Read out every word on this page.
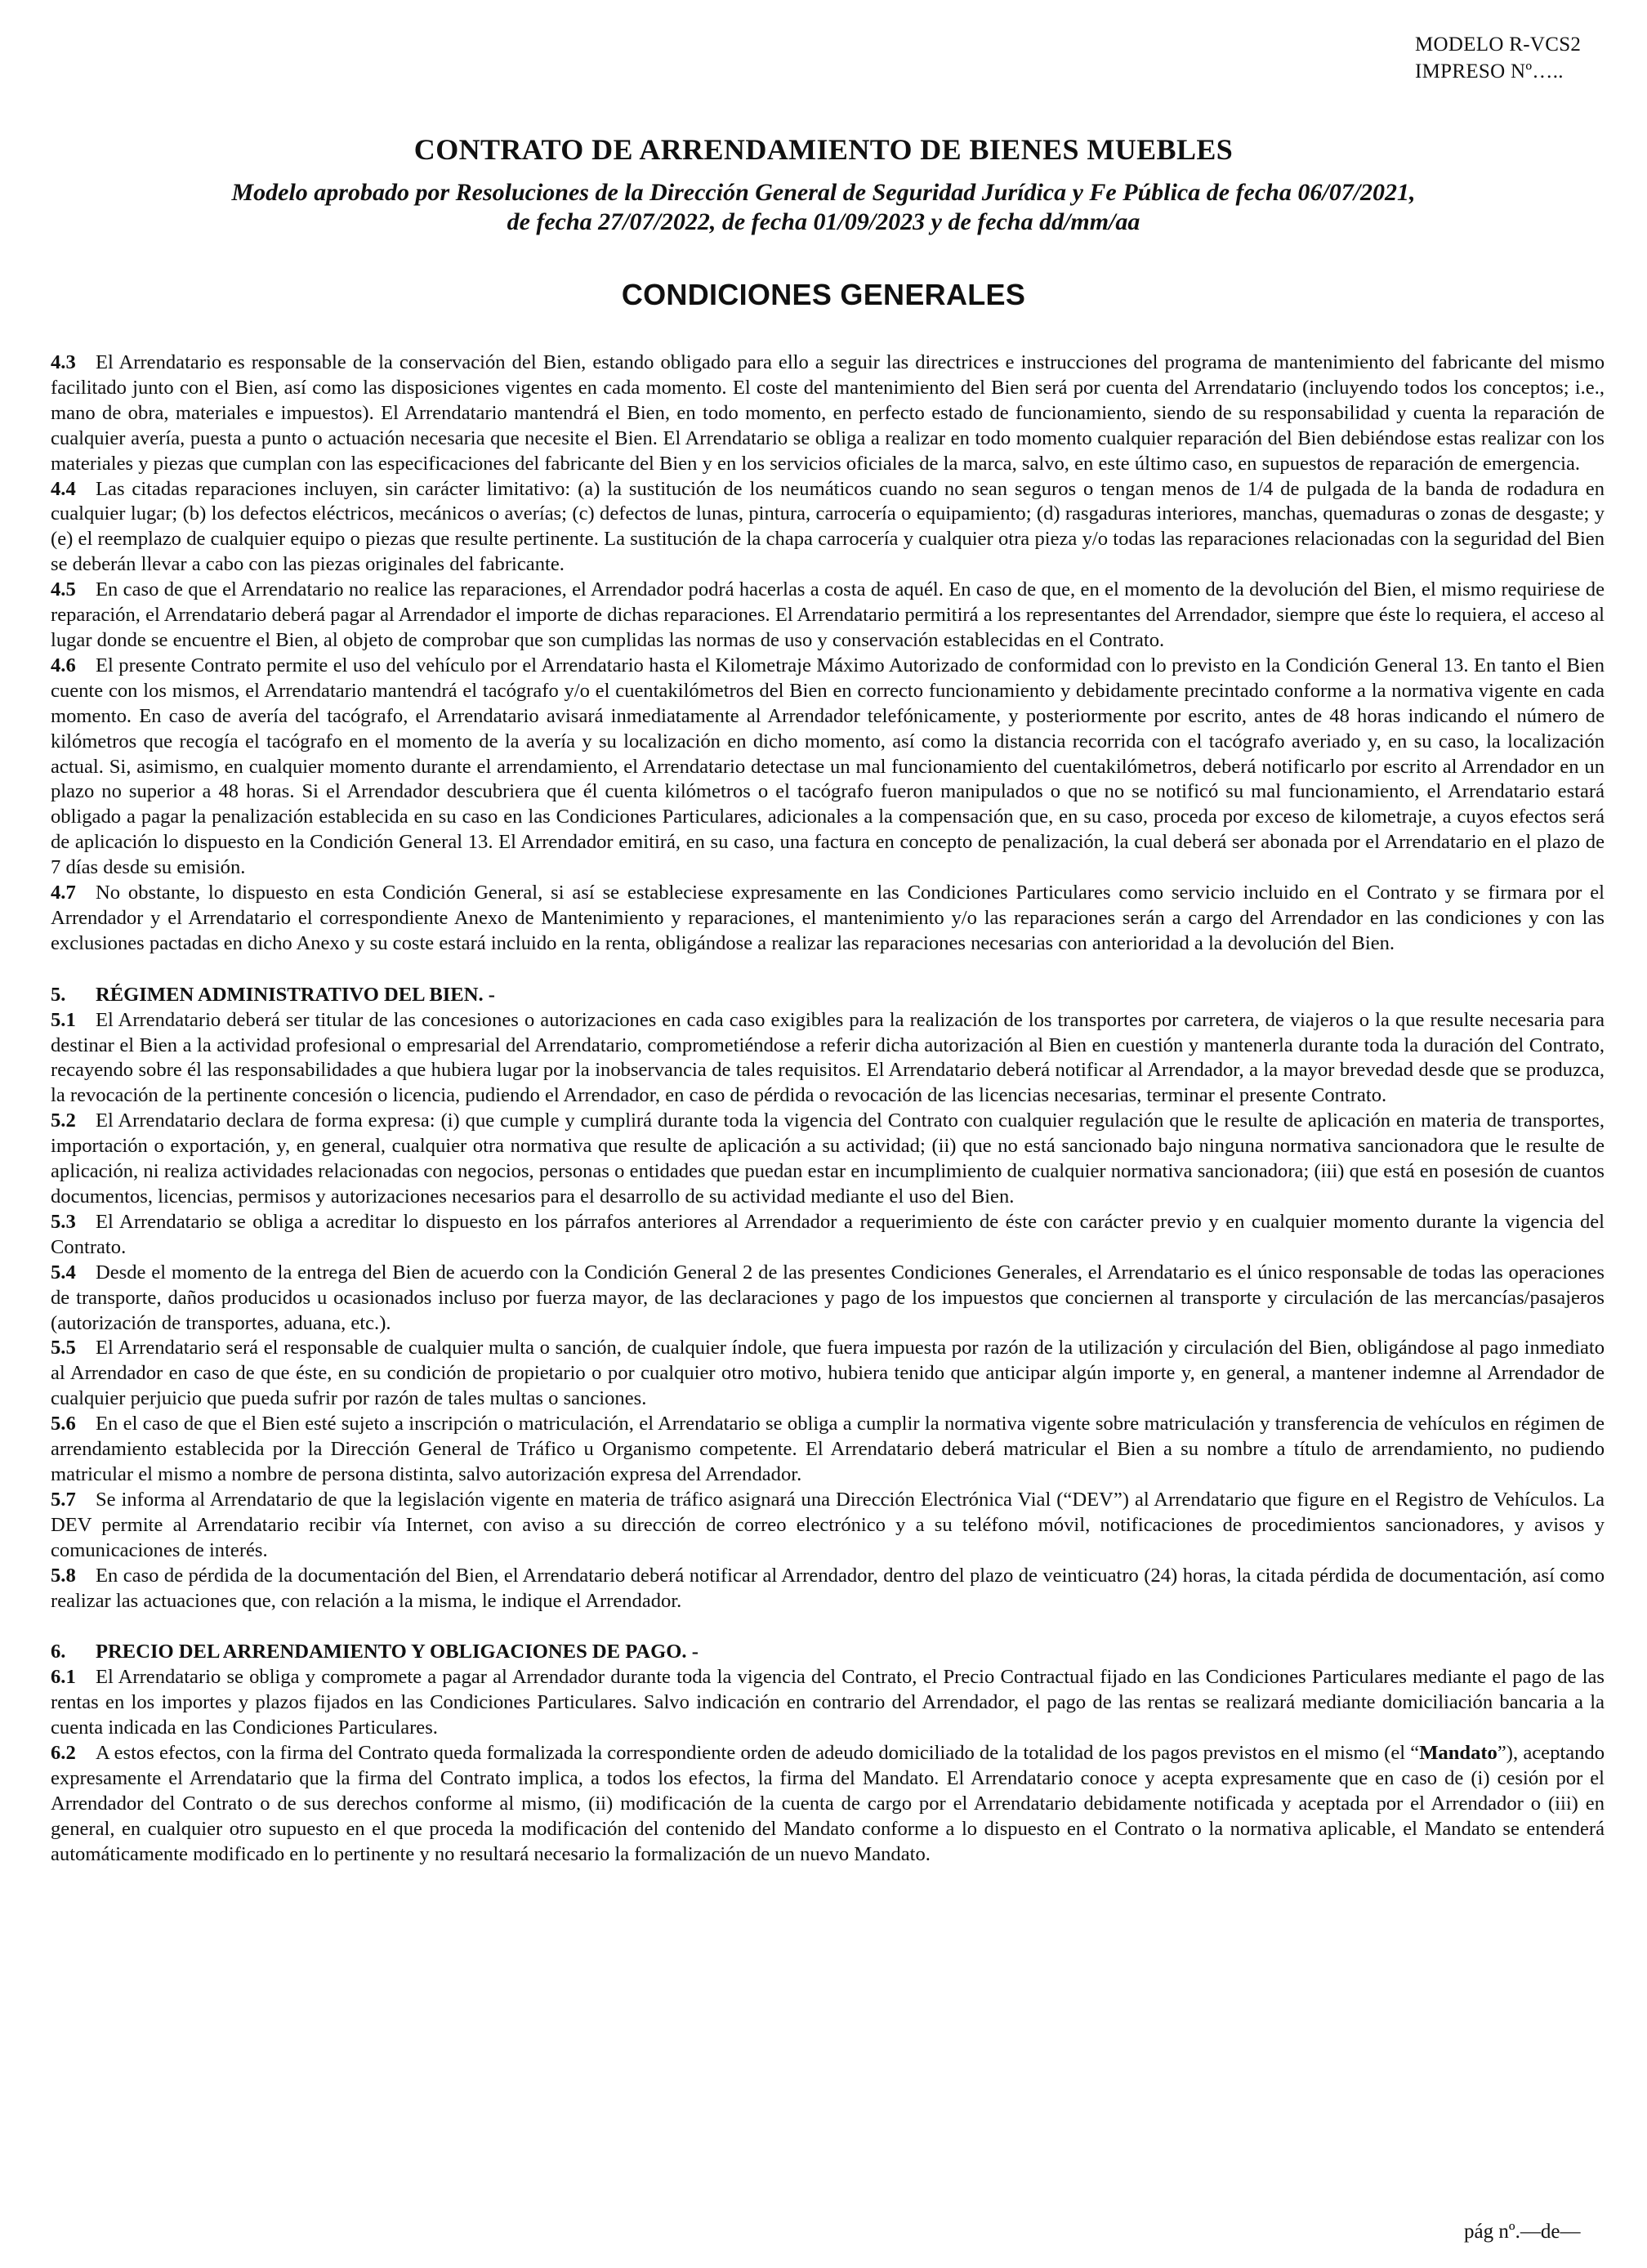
MODELO R-VCS2
IMPRESO Nº…..
CONTRATO DE ARRENDAMIENTO DE BIENES MUEBLES
Modelo aprobado por Resoluciones de la Dirección General de Seguridad Jurídica y Fe Pública de fecha 06/07/2021,
de fecha 27/07/2022, de fecha 01/09/2023 y de fecha dd/mm/aa
CONDICIONES GENERALES

4.3 El Arrendatario es responsable de la conservación del Bien, estando obligado para ello a seguir las directrices e instrucciones del programa de mantenimiento del fabricante del mismo facilitado junto con el Bien, así como las disposiciones vigentes en cada momento. El coste del mantenimiento del Bien será por cuenta del Arrendatario (incluyendo todos los conceptos; i.e., mano de obra, materiales e impuestos). El Arrendatario mantendrá el Bien, en todo momento, en perfecto estado de funcionamiento, siendo de su responsabilidad y cuenta la reparación de cualquier avería, puesta a punto o actuación necesaria que necesite el Bien. El Arrendatario se obliga a realizar en todo momento cualquier reparación del Bien debiéndose estas realizar con los materiales y piezas que cumplan con las especificaciones del fabricante del Bien y en los servicios oficiales de la marca, salvo, en este último caso, en supuestos de reparación de emergencia.

4.4 Las citadas reparaciones incluyen, sin carácter limitativo: (a) la sustitución de los neumáticos cuando no sean seguros o tengan menos de 1/4 de pulgada de la banda de rodadura en cualquier lugar; (b) los defectos eléctricos, mecánicos o averías; (c) defectos de lunas, pintura, carrocería o equipamiento; (d) rasgaduras interiores, manchas, quemaduras o zonas de desgaste; y (e) el reemplazo de cualquier equipo o piezas que resulte pertinente. La sustitución de la chapa carrocería y cualquier otra pieza y/o todas las reparaciones relacionadas con la seguridad del Bien se deberán llevar a cabo con las piezas originales del fabricante.

4.5 En caso de que el Arrendatario no realice las reparaciones, el Arrendador podrá hacerlas a costa de aquél. En caso de que, en el momento de la devolución del Bien, el mismo requiriese de reparación, el Arrendatario deberá pagar al Arrendador el importe de dichas reparaciones. El Arrendatario permitirá a los representantes del Arrendador, siempre que éste lo requiera, el acceso al lugar donde se encuentre el Bien, al objeto de comprobar que son cumplidas las normas de uso y conservación establecidas en el Contrato.

4.6 El presente Contrato permite el uso del vehículo por el Arrendatario hasta el Kilometraje Máximo Autorizado de conformidad con lo previsto en la Condición General 13. En tanto el Bien cuente con los mismos, el Arrendatario mantendrá el tacógrafo y/o el cuentakilómetros del Bien en correcto funcionamiento y debidamente precintado conforme a la normativa vigente en cada momento. En caso de avería del tacógrafo, el Arrendatario avisará inmediatamente al Arrendador telefónicamente, y posteriormente por escrito, antes de 48 horas indicando el número de kilómetros que recogía el tacógrafo en el momento de la avería y su localización en dicho momento, así como la distancia recorrida con el tacógrafo averiado y, en su caso, la localización actual. Si, asimismo, en cualquier momento durante el arrendamiento, el Arrendatario detectase un mal funcionamiento del cuentakilómetros, deberá notificarlo por escrito al Arrendador en un plazo no superior a 48 horas. Si el Arrendador descubriera que él cuenta kilómetros o el tacógrafo fueron manipulados o que no se notificó su mal funcionamiento, el Arrendatario estará obligado a pagar la penalización establecida en su caso en las Condiciones Particulares, adicionales a la compensación que, en su caso, proceda por exceso de kilometraje, a cuyos efectos será de aplicación lo dispuesto en la Condición General 13. El Arrendador emitirá, en su caso, una factura en concepto de penalización, la cual deberá ser abonada por el Arrendatario en el plazo de 7 días desde su emisión.

4.7 No obstante, lo dispuesto en esta Condición General, si así se estableciese expresamente en las Condiciones Particulares como servicio incluido en el Contrato y se firmara por el Arrendador y el Arrendatario el correspondiente Anexo de Mantenimiento y reparaciones, el mantenimiento y/o las reparaciones serán a cargo del Arrendador en las condiciones y con las exclusiones pactadas en dicho Anexo y su coste estará incluido en la renta, obligándose a realizar las reparaciones necesarias con anterioridad a la devolución del Bien.

5. RÉGIMEN ADMINISTRATIVO DEL BIEN. -

5.1 El Arrendatario deberá ser titular de las concesiones o autorizaciones en cada caso exigibles para la realización de los transportes por carretera, de viajeros o la que resulte necesaria para destinar el Bien a la actividad profesional o empresarial del Arrendatario, comprometiéndose a referir dicha autorización al Bien en cuestión y mantenerla durante toda la duración del Contrato, recayendo sobre él las responsabilidades a que hubiera lugar por la inobservancia de tales requisitos. El Arrendatario deberá notificar al Arrendador, a la mayor brevedad desde que se produzca, la revocación de la pertinente concesión o licencia, pudiendo el Arrendador, en caso de pérdida o revocación de las licencias necesarias, terminar el presente Contrato.

5.2 El Arrendatario declara de forma expresa: (i) que cumple y cumplirá durante toda la vigencia del Contrato con cualquier regulación que le resulte de aplicación en materia de transportes, importación o exportación, y, en general, cualquier otra normativa que resulte de aplicación a su actividad; (ii) que no está sancionado bajo ninguna normativa sancionadora que le resulte de aplicación, ni realiza actividades relacionadas con negocios, personas o entidades que puedan estar en incumplimiento de cualquier normativa sancionadora; (iii) que está en posesión de cuantos documentos, licencias, permisos y autorizaciones necesarios para el desarrollo de su actividad mediante el uso del Bien.

5.3 El Arrendatario se obliga a acreditar lo dispuesto en los párrafos anteriores al Arrendador a requerimiento de éste con carácter previo y en cualquier momento durante la vigencia del Contrato.

5.4 Desde el momento de la entrega del Bien de acuerdo con la Condición General 2 de las presentes Condiciones Generales, el Arrendatario es el único responsable de todas las operaciones de transporte, daños producidos u ocasionados incluso por fuerza mayor, de las declaraciones y pago de los impuestos que conciernen al transporte y circulación de las mercancías/pasajeros (autorización de transportes, aduana, etc.).

5.5 El Arrendatario será el responsable de cualquier multa o sanción, de cualquier índole, que fuera impuesta por razón de la utilización y circulación del Bien, obligándose al pago inmediato al Arrendador en caso de que éste, en su condición de propietario o por cualquier otro motivo, hubiera tenido que anticipar algún importe y, en general, a mantener indemne al Arrendador de cualquier perjuicio que pueda sufrir por razón de tales multas o sanciones.

5.6 En el caso de que el Bien esté sujeto a inscripción o matriculación, el Arrendatario se obliga a cumplir la normativa vigente sobre matriculación y transferencia de vehículos en régimen de arrendamiento establecida por la Dirección General de Tráfico u Organismo competente. El Arrendatario deberá matricular el Bien a su nombre a título de arrendamiento, no pudiendo matricular el mismo a nombre de persona distinta, salvo autorización expresa del Arrendador.

5.7 Se informa al Arrendatario de que la legislación vigente en materia de tráfico asignará una Dirección Electrónica Vial (“DEV”) al Arrendatario que figure en el Registro de Vehículos. La DEV permite al Arrendatario recibir vía Internet, con aviso a su dirección de correo electrónico y a su teléfono móvil, notificaciones de procedimientos sancionadores, y avisos y comunicaciones de interés.

5.8 En caso de pérdida de la documentación del Bien, el Arrendatario deberá notificar al Arrendador, dentro del plazo de veinticuatro (24) horas, la citada pérdida de documentación, así como realizar las actuaciones que, con relación a la misma, le indique el Arrendador.

6. PRECIO DEL ARRENDAMIENTO Y OBLIGACIONES DE PAGO. -

6.1 El Arrendatario se obliga y compromete a pagar al Arrendador durante toda la vigencia del Contrato, el Precio Contractual fijado en las Condiciones Particulares mediante el pago de las rentas en los importes y plazos fijados en las Condiciones Particulares. Salvo indicación en contrario del Arrendador, el pago de las rentas se realizará mediante domiciliación bancaria a la cuenta indicada en las Condiciones Particulares.

6.2 A estos efectos, con la firma del Contrato queda formalizada la correspondiente orden de adeudo domiciliado de la totalidad de los pagos previstos en el mismo (el “Mandato”), aceptando expresamente el Arrendatario que la firma del Contrato implica, a todos los efectos, la firma del Mandato. El Arrendatario conoce y acepta expresamente que en caso de (i) cesión por el Arrendador del Contrato o de sus derechos conforme al mismo, (ii) modificación de la cuenta de cargo por el Arrendatario debidamente notificada y aceptada por el Arrendador o (iii) en general, en cualquier otro supuesto en el que proceda la modificación del contenido del Mandato conforme a lo dispuesto en el Contrato o la normativa aplicable, el Mandato se entenderá automáticamente modificado en lo pertinente y no resultará necesario la formalización de un nuevo Mandato.

pág nº.—de—
